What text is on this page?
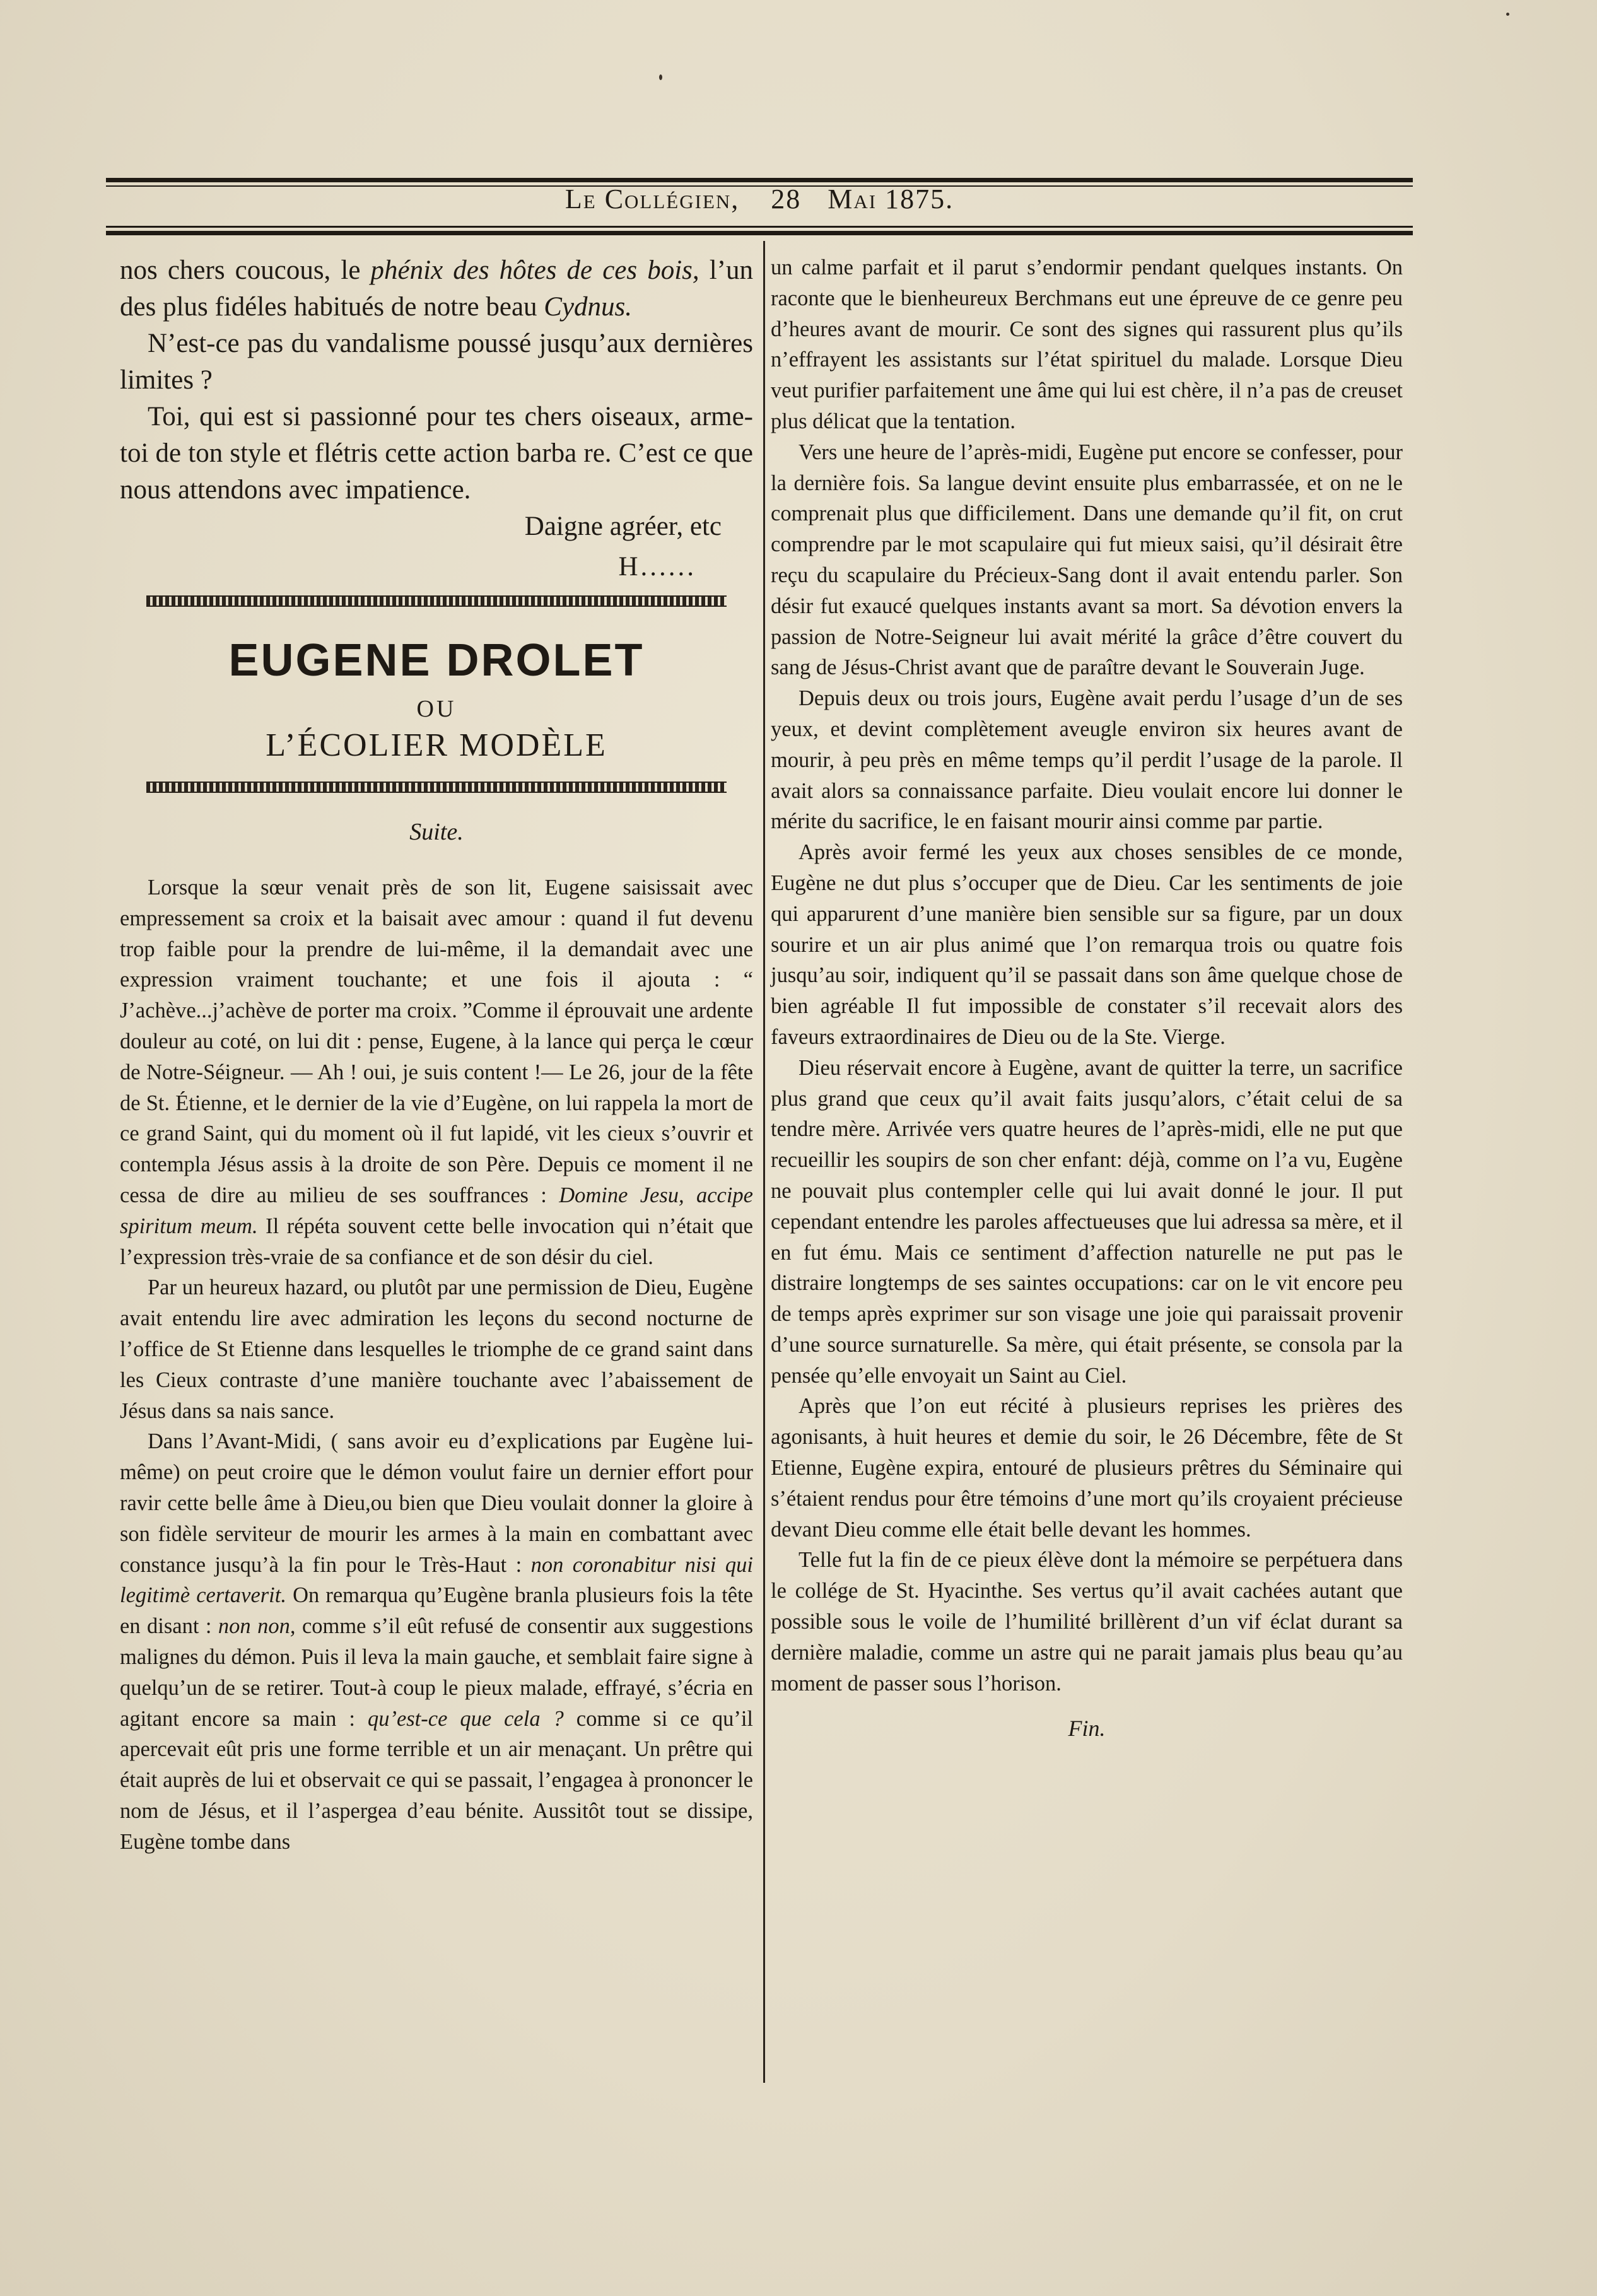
Le Collégien, 28 Mai 1875.

nos chers coucous, le phénix des hôtes de ces bois, l’un des plus fidéles habitués de notre beau Cydnus.

N’est-ce pas du vandalisme poussé jusqu’aux dernières limites ?

Toi, qui est si passionné pour tes chers oiseaux, arme-toi de ton style et flétris cette action barba re. C’est ce que nous attendons avec impatience.

Daigne agréer, etc
H......
EUGENE DROLET
OU
L’ÉCOLIER MODÈLE
Suite.

Lorsque la sœur venait près de son lit, Eugene saisissait avec empressement sa croix et la baisait avec amour : quand il fut devenu trop faible pour la prendre de lui-même, il la demandait avec une expression vraiment touchante; et une fois il ajouta : “ J’achève...j’achève de porter ma croix. ”Comme il éprouvait une ardente douleur au coté, on lui dit : pense, Eugene, à la lance qui perça le cœur de Notre-Séigneur. — Ah ! oui, je suis content !— Le 26, jour de la fête de St. Étienne, et le dernier de la vie d’Eugène, on lui rappela la mort de ce grand Saint, qui du moment où il fut lapidé, vit les cieux s’ouvrir et contempla Jésus assis à la droite de son Père. Depuis ce moment il ne cessa de dire au milieu de ses souffrances : Domine Jesu, accipe spiritum meum. Il répéta souvent cette belle invocation qui n’était que l’expression très-vraie de sa confiance et de son désir du ciel.

Par un heureux hazard, ou plutôt par une permission de Dieu, Eugène avait entendu lire avec admiration les leçons du second nocturne de l’office de St Etienne dans lesquelles le triomphe de ce grand saint dans les Cieux contraste d’une manière touchante avec l’abaissement de Jésus dans sa nais sance.

Dans l’Avant-Midi, ( sans avoir eu d’explications par Eugène lui-même) on peut croire que le démon voulut faire un dernier effort pour ravir cette belle âme à Dieu,ou bien que Dieu voulait donner la gloire à son fidèle serviteur de mourir les armes à la main en combattant avec constance jusqu’à la fin pour le Très-Haut : non coronabitur nisi qui legitimè certaverit. On remarqua qu’Eugène branla plusieurs fois la tête en disant : non non, comme s’il eût refusé de consentir aux suggestions malignes du démon. Puis il leva la main gauche, et semblait faire signe à quelqu’un de se retirer. Tout-à coup le pieux malade, effrayé, s’écria en agitant encore sa main : qu’est-ce que cela ? comme si ce qu’il apercevait eût pris une forme terrible et un air menaçant. Un prêtre qui était auprès de lui et observait ce qui se passait, l’engagea à prononcer le nom de Jésus, et il l’aspergea d’eau bénite. Aussitôt tout se dissipe, Eugène tombe dans

un calme parfait et il parut s’endormir pendant quelques instants. On raconte que le bienheureux Berchmans eut une épreuve de ce genre peu d’heures avant de mourir. Ce sont des signes qui rassurent plus qu’ils n’effrayent les assistants sur l’état spirituel du malade. Lorsque Dieu veut purifier parfaitement une âme qui lui est chère, il n’a pas de creuset plus délicat que la tentation.

Vers une heure de l’après-midi, Eugène put encore se confesser, pour la dernière fois. Sa langue devint ensuite plus embarrassée, et on ne le comprenait plus que difficilement. Dans une demande qu’il fit, on crut comprendre par le mot scapulaire qui fut mieux saisi, qu’il désirait être reçu du scapulaire du Précieux-Sang dont il avait entendu parler. Son désir fut exaucé quelques instants avant sa mort. Sa dévotion envers la passion de Notre-Seigneur lui avait mérité la grâce d’être couvert du sang de Jésus-Christ avant que de paraître devant le Souverain Juge.

Depuis deux ou trois jours, Eugène avait perdu l’usage d’un de ses yeux, et devint complètement aveugle environ six heures avant de mourir, à peu près en même temps qu’il perdit l’usage de la parole. Il avait alors sa connaissance parfaite. Dieu voulait encore lui donner le mérite du sacrifice, le en faisant mourir ainsi comme par partie.

Après avoir fermé les yeux aux choses sensibles de ce monde, Eugène ne dut plus s’occuper que de Dieu. Car les sentiments de joie qui apparurent d’une manière bien sensible sur sa figure, par un doux sourire et un air plus animé que l’on remarqua trois ou quatre fois jusqu’au soir, indiquent qu’il se passait dans son âme quelque chose de bien agréable Il fut impossible de constater s’il recevait alors des faveurs extraordinaires de Dieu ou de la Ste. Vierge.

Dieu réservait encore à Eugène, avant de quitter la terre, un sacrifice plus grand que ceux qu’il avait faits jusqu’alors, c’était celui de sa tendre mère. Arrivée vers quatre heures de l’après-midi, elle ne put que recueillir les soupirs de son cher enfant: déjà, comme on l’a vu, Eugène ne pouvait plus contempler celle qui lui avait donné le jour. Il put cependant entendre les paroles affectueuses que lui adressa sa mère, et il en fut ému. Mais ce sentiment d’affection naturelle ne put pas le distraire longtemps de ses saintes occupations: car on le vit encore peu de temps après exprimer sur son visage une joie qui paraissait provenir d’une source surnaturelle. Sa mère, qui était présente, se consola par la pensée qu’elle envoyait un Saint au Ciel.

Après que l’on eut récité à plusieurs reprises les prières des agonisants, à huit heures et demie du soir, le 26 Décembre, fête de St Etienne, Eugène expira, entouré de plusieurs prêtres du Séminaire qui s’étaient rendus pour être témoins d’une mort qu’ils croyaient précieuse devant Dieu comme elle était belle devant les hommes.

Telle fut la fin de ce pieux élève dont la mémoire se perpétuera dans le collége de St. Hyacinthe. Ses vertus qu’il avait cachées autant que possible sous le voile de l’humilité brillèrent d’un vif éclat durant sa dernière maladie, comme un astre qui ne parait jamais plus beau qu’au moment de passer sous l’horison.

Fin.
